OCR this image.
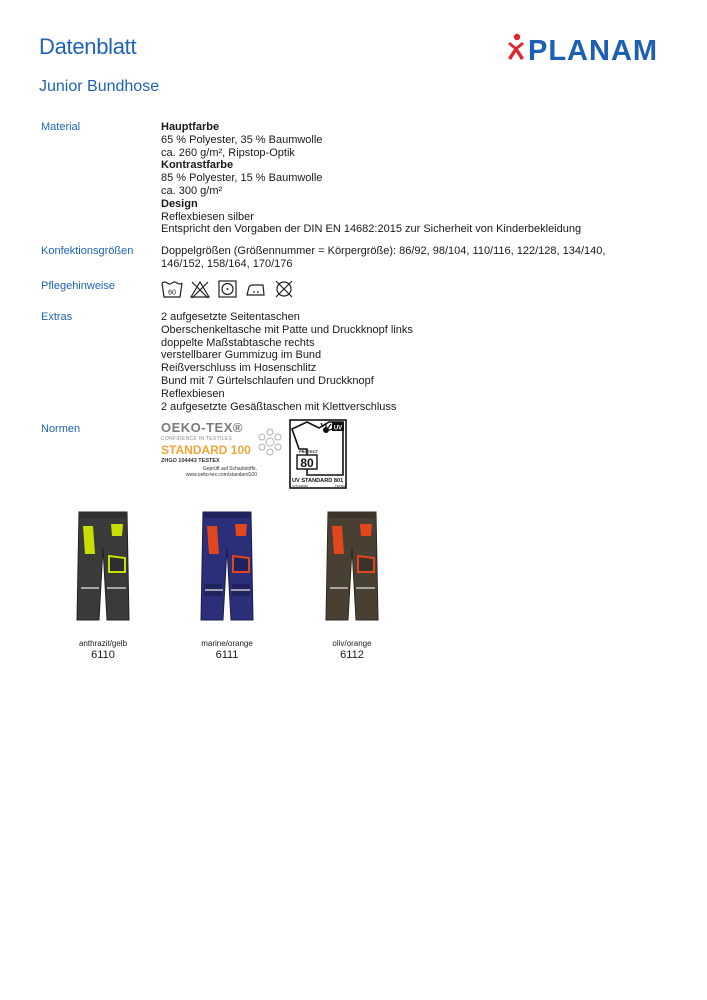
Datenblatt
Junior Bundhose
PLANAM
Material	Hauptfarbe
65 % Polyester, 35 % Baumwolle
ca. 260 g/m², Ripstop-Optik
Kontrastfarbe
85 % Polyester, 15 % Baumwolle
ca. 300 g/m²
Design
Reflexbiesen silber
Entspricht den Vorgaben der DIN EN 14682:2015 zur Sicherheit von Kinderbekleidung
Konfektionsgrößen	Doppelgrößen (Größennummer = Körpergröße): 86/92, 98/104, 110/116, 122/128, 134/140,
146/152, 158/164, 170/176
Pflegehinweise
60
Extras	2 aufgesetzte Seitentaschen
Oberschenkeltasche mit Patte und Druckknopf links
doppelte Maßstabtasche rechts
verstellbarer Gummizug im Bund
Reißverschluss im Hosenschlitz
Bund mit 7 Gürtelschlaufen und Druckknopf
Reflexbiesen
2 aufgesetzte Gesäßtaschen mit Klettverschluss
Normen	OEKO-TEX®
CONFIDENCE IN TEXTILES
STANDARD 100
ZHGO 104443 TESTEX
Geprüft auf Schadstoffe.
www.oeko-tex.com/standard100
UV
PROTECT
80
UV STANDARD 801
UVS 000000	TESTEX
anthrazit/gelb
6110
marine/orange
6111
oliv/orange
6112
